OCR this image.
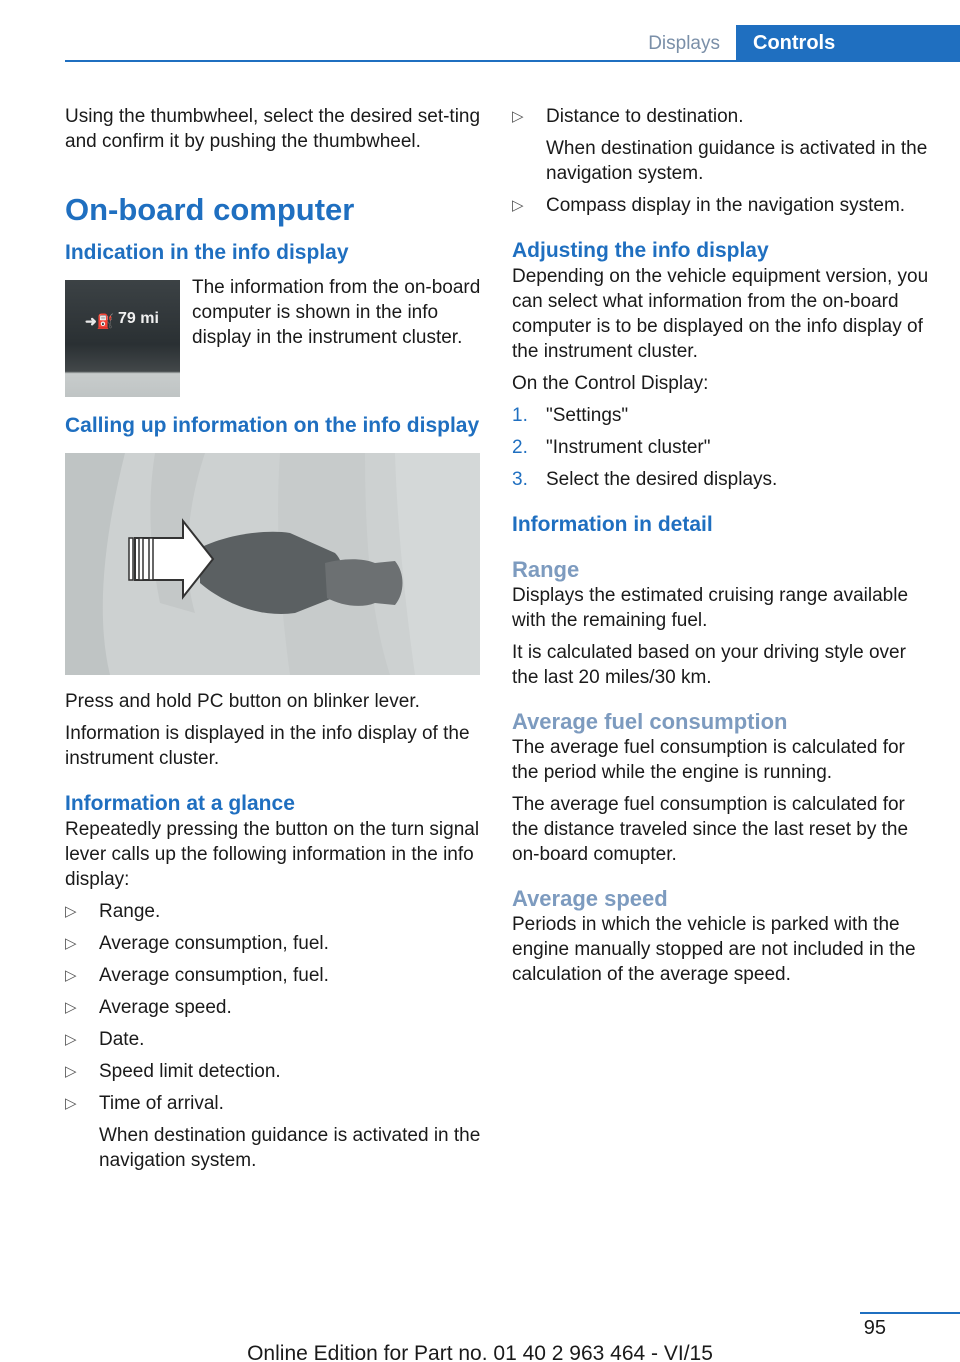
Displays	Controls

Using the thumbwheel, select the desired set-ting and confirm it by pushing the thumbwheel.

On-board computer
Indication in the info display
➜⛽ 79 mi

The information from the on-board computer is shown in the info display in the instrument cluster.

Calling up information on the info display

Press and hold PC button on blinker lever.

Information is displayed in the info display of the instrument cluster.

Information at a glance

Repeatedly pressing the button on the turn signal lever calls up the following information in the info display:

▷ Range.
▷ Average consumption, fuel.
▷ Average consumption, fuel.
▷ Average speed.
▷ Date.
▷ Speed limit detection.
▷ Time of arrival.
When destination guidance is activated in the navigation system.
▷ Distance to destination.
When destination guidance is activated in the navigation system.
▷ Compass display in the navigation system.
Adjusting the info display

Depending on the vehicle equipment version, you can select what information from the on-board computer is to be displayed on the info display of the instrument cluster.

On the Control Display:

1. "Settings"
2. "Instrument cluster"
3. Select the desired displays.
Information in detail
Range

Displays the estimated cruising range available with the remaining fuel.

It is calculated based on your driving style over the last 20 miles/30 km.

Average fuel consumption

The average fuel consumption is calculated for the period while the engine is running.

The average fuel consumption is calculated for the distance traveled since the last reset by the on-board comupter.

Average speed

Periods in which the vehicle is parked with the engine manually stopped are not included in the calculation of the average speed.

95
Online Edition for Part no. 01 40 2 963 464 - VI/15
